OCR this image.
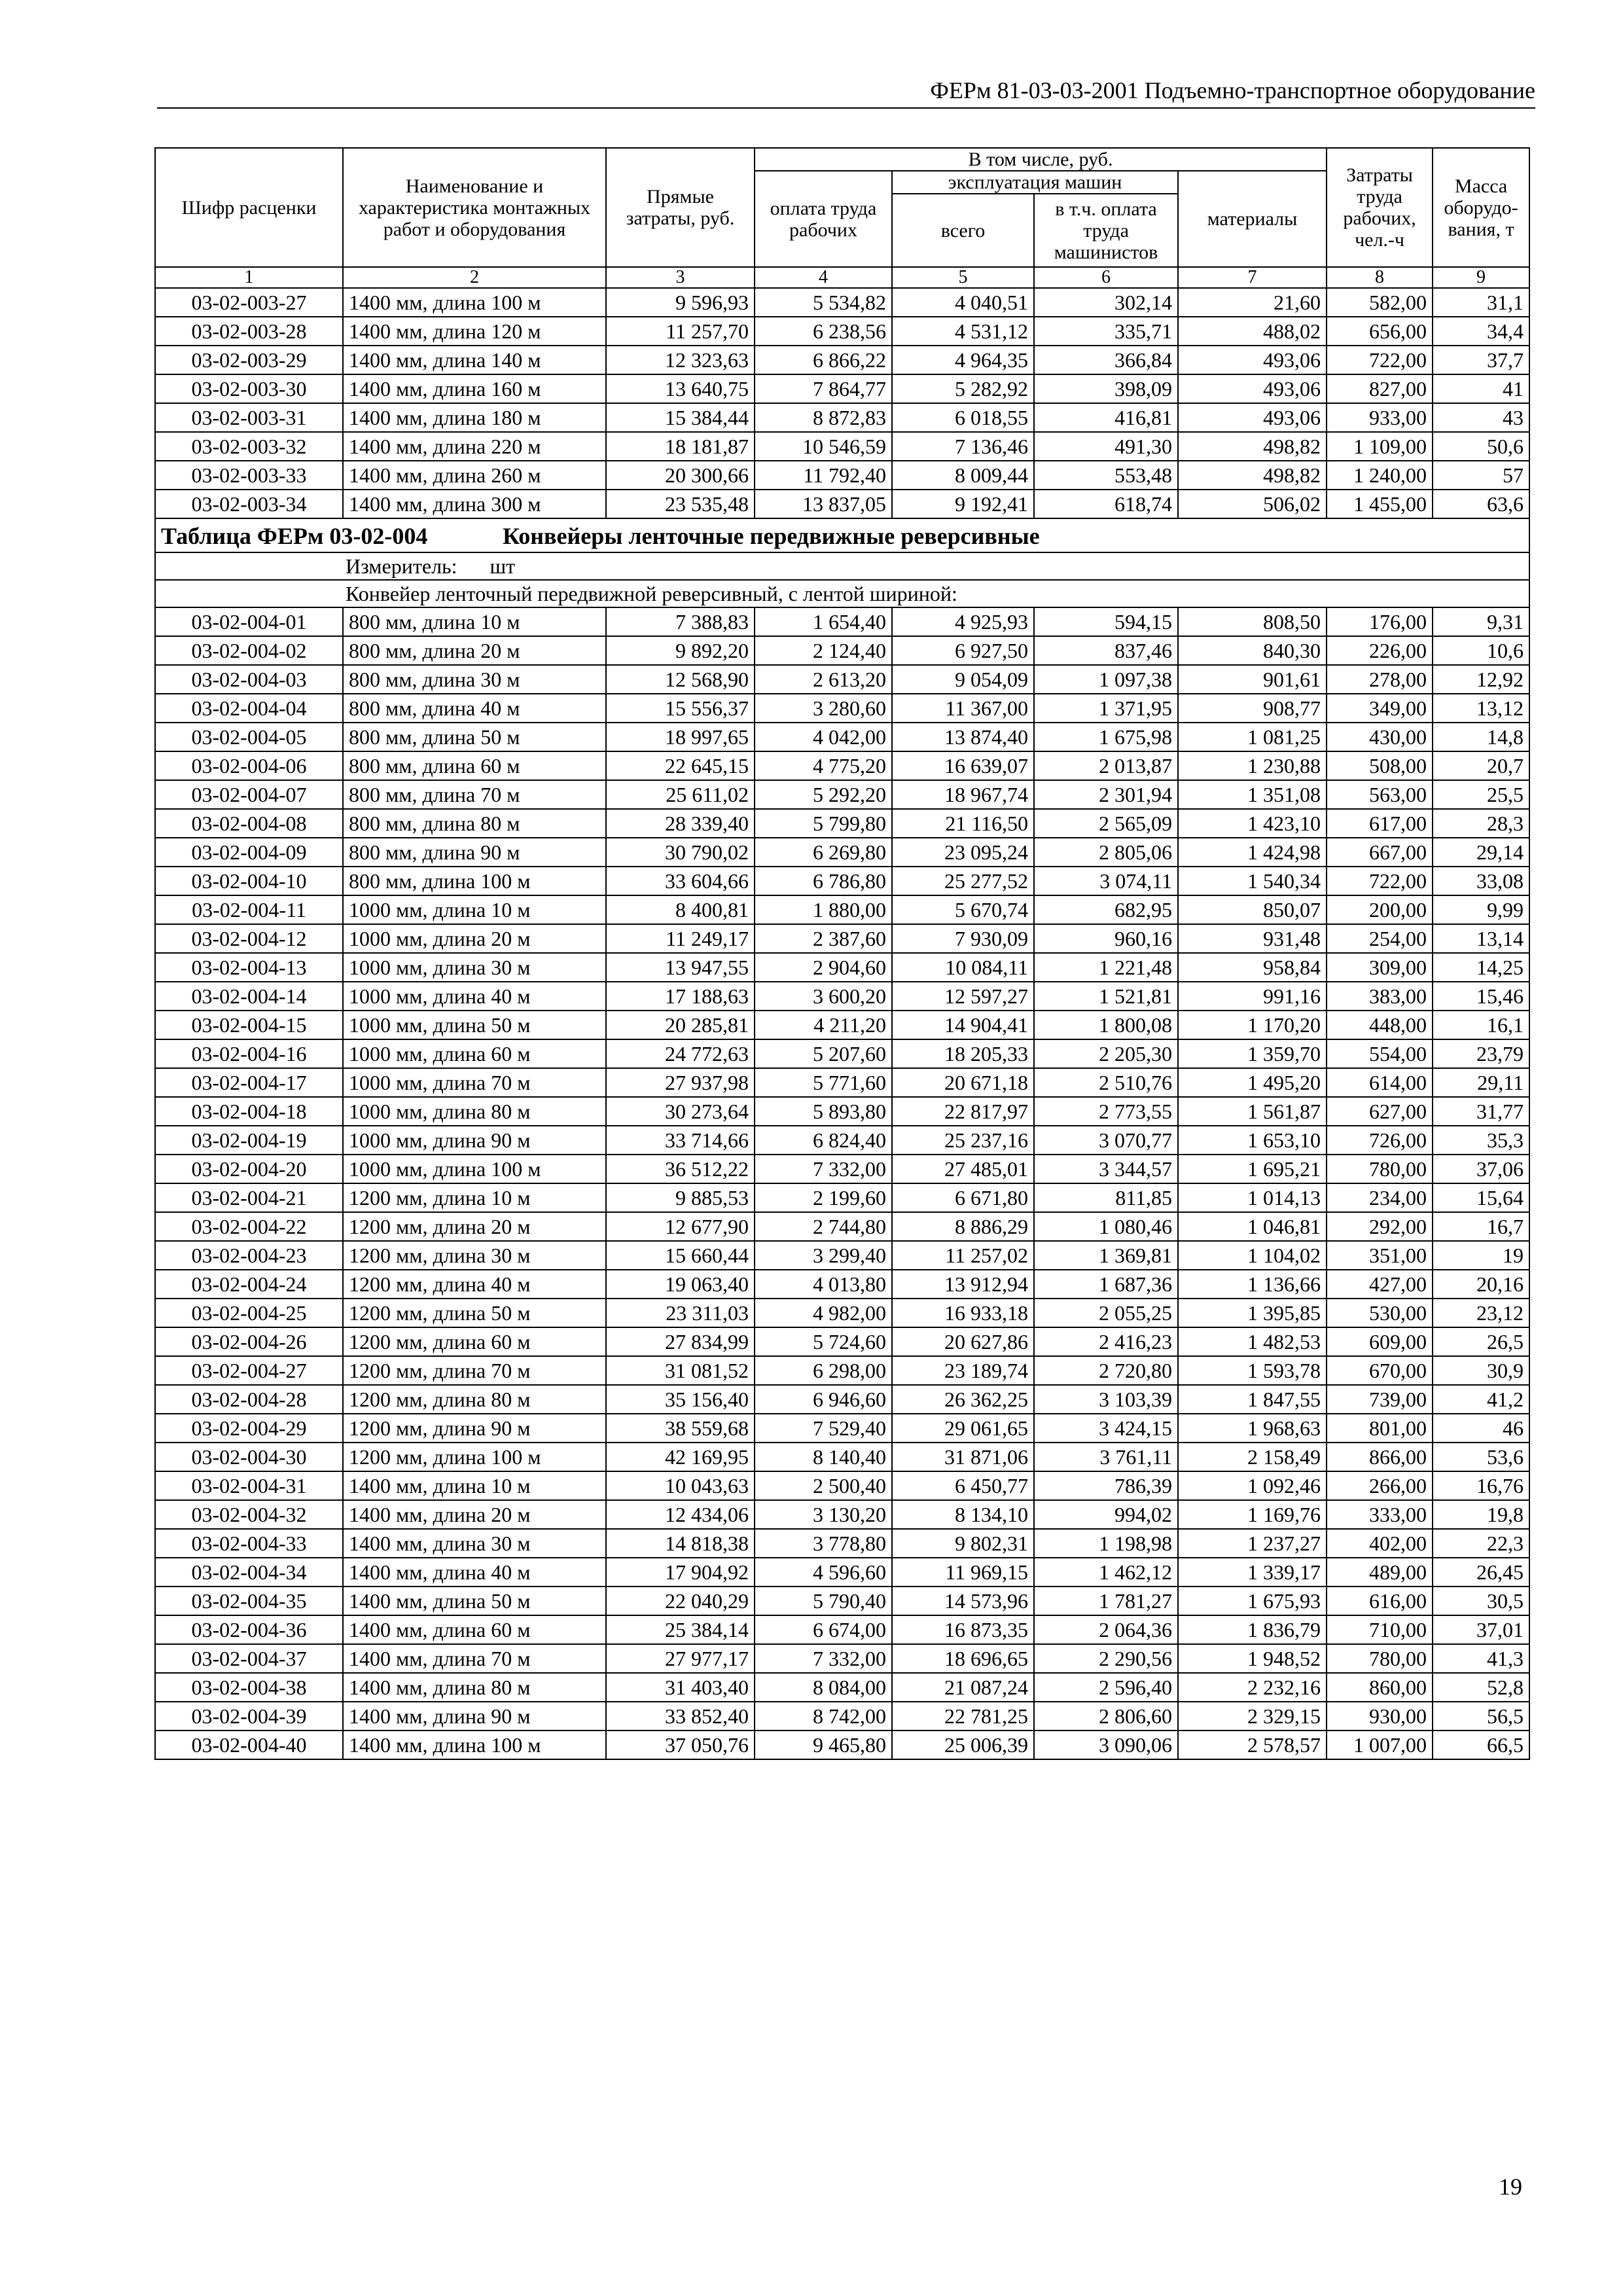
ФЕРм 81-03-03-2001 Подъемно-транспортное оборудование
Шифр расценки	Наименование и характеристика монтажных работ и оборудования	Прямые затраты, руб.	В том числе, руб.				Затраты труда рабочих, чел.-ч	Масса оборудо-вания, т
			оплата труда рабочих	эксплуатация машин		материалы		
				всего	в т.ч. оплата труда машинистов			
1	2	3	4	5	6	7	8	9
03-02-003-27	1400 мм, длина 100 м	9 596,93	5 534,82	4 040,51	302,14	21,60	582,00	31,1
03-02-003-28	1400 мм, длина 120 м	11 257,70	6 238,56	4 531,12	335,71	488,02	656,00	34,4
03-02-003-29	1400 мм, длина 140 м	12 323,63	6 866,22	4 964,35	366,84	493,06	722,00	37,7
03-02-003-30	1400 мм, длина 160 м	13 640,75	7 864,77	5 282,92	398,09	493,06	827,00	41
03-02-003-31	1400 мм, длина 180 м	15 384,44	8 872,83	6 018,55	416,81	493,06	933,00	43
03-02-003-32	1400 мм, длина 220 м	18 181,87	10 546,59	7 136,46	491,30	498,82	1 109,00	50,6
03-02-003-33	1400 мм, длина 260 м	20 300,66	11 792,40	8 009,44	553,48	498,82	1 240,00	57
03-02-003-34	1400 мм, длина 300 м	23 535,48	13 837,05	9 192,41	618,74	506,02	1 455,00	63,6
Таблица ФЕРм 03-02-004 Конвейеры ленточные передвижные реверсивные								
Измеритель: шт								
Конвейер ленточный передвижной реверсивный, с лентой шириной:								
03-02-004-01	800 мм, длина 10 м	7 388,83	1 654,40	4 925,93	594,15	808,50	176,00	9,31
03-02-004-02	800 мм, длина 20 м	9 892,20	2 124,40	6 927,50	837,46	840,30	226,00	10,6
03-02-004-03	800 мм, длина 30 м	12 568,90	2 613,20	9 054,09	1 097,38	901,61	278,00	12,92
03-02-004-04	800 мм, длина 40 м	15 556,37	3 280,60	11 367,00	1 371,95	908,77	349,00	13,12
03-02-004-05	800 мм, длина 50 м	18 997,65	4 042,00	13 874,40	1 675,98	1 081,25	430,00	14,8
03-02-004-06	800 мм, длина 60 м	22 645,15	4 775,20	16 639,07	2 013,87	1 230,88	508,00	20,7
03-02-004-07	800 мм, длина 70 м	25 611,02	5 292,20	18 967,74	2 301,94	1 351,08	563,00	25,5
03-02-004-08	800 мм, длина 80 м	28 339,40	5 799,80	21 116,50	2 565,09	1 423,10	617,00	28,3
03-02-004-09	800 мм, длина 90 м	30 790,02	6 269,80	23 095,24	2 805,06	1 424,98	667,00	29,14
03-02-004-10	800 мм, длина 100 м	33 604,66	6 786,80	25 277,52	3 074,11	1 540,34	722,00	33,08
03-02-004-11	1000 мм, длина 10 м	8 400,81	1 880,00	5 670,74	682,95	850,07	200,00	9,99
03-02-004-12	1000 мм, длина 20 м	11 249,17	2 387,60	7 930,09	960,16	931,48	254,00	13,14
03-02-004-13	1000 мм, длина 30 м	13 947,55	2 904,60	10 084,11	1 221,48	958,84	309,00	14,25
03-02-004-14	1000 мм, длина 40 м	17 188,63	3 600,20	12 597,27	1 521,81	991,16	383,00	15,46
03-02-004-15	1000 мм, длина 50 м	20 285,81	4 211,20	14 904,41	1 800,08	1 170,20	448,00	16,1
03-02-004-16	1000 мм, длина 60 м	24 772,63	5 207,60	18 205,33	2 205,30	1 359,70	554,00	23,79
03-02-004-17	1000 мм, длина 70 м	27 937,98	5 771,60	20 671,18	2 510,76	1 495,20	614,00	29,11
03-02-004-18	1000 мм, длина 80 м	30 273,64	5 893,80	22 817,97	2 773,55	1 561,87	627,00	31,77
03-02-004-19	1000 мм, длина 90 м	33 714,66	6 824,40	25 237,16	3 070,77	1 653,10	726,00	35,3
03-02-004-20	1000 мм, длина 100 м	36 512,22	7 332,00	27 485,01	3 344,57	1 695,21	780,00	37,06
03-02-004-21	1200 мм, длина 10 м	9 885,53	2 199,60	6 671,80	811,85	1 014,13	234,00	15,64
03-02-004-22	1200 мм, длина 20 м	12 677,90	2 744,80	8 886,29	1 080,46	1 046,81	292,00	16,7
03-02-004-23	1200 мм, длина 30 м	15 660,44	3 299,40	11 257,02	1 369,81	1 104,02	351,00	19
03-02-004-24	1200 мм, длина 40 м	19 063,40	4 013,80	13 912,94	1 687,36	1 136,66	427,00	20,16
03-02-004-25	1200 мм, длина 50 м	23 311,03	4 982,00	16 933,18	2 055,25	1 395,85	530,00	23,12
03-02-004-26	1200 мм, длина 60 м	27 834,99	5 724,60	20 627,86	2 416,23	1 482,53	609,00	26,5
03-02-004-27	1200 мм, длина 70 м	31 081,52	6 298,00	23 189,74	2 720,80	1 593,78	670,00	30,9
03-02-004-28	1200 мм, длина 80 м	35 156,40	6 946,60	26 362,25	3 103,39	1 847,55	739,00	41,2
03-02-004-29	1200 мм, длина 90 м	38 559,68	7 529,40	29 061,65	3 424,15	1 968,63	801,00	46
03-02-004-30	1200 мм, длина 100 м	42 169,95	8 140,40	31 871,06	3 761,11	2 158,49	866,00	53,6
03-02-004-31	1400 мм, длина 10 м	10 043,63	2 500,40	6 450,77	786,39	1 092,46	266,00	16,76
03-02-004-32	1400 мм, длина 20 м	12 434,06	3 130,20	8 134,10	994,02	1 169,76	333,00	19,8
03-02-004-33	1400 мм, длина 30 м	14 818,38	3 778,80	9 802,31	1 198,98	1 237,27	402,00	22,3
03-02-004-34	1400 мм, длина 40 м	17 904,92	4 596,60	11 969,15	1 462,12	1 339,17	489,00	26,45
03-02-004-35	1400 мм, длина 50 м	22 040,29	5 790,40	14 573,96	1 781,27	1 675,93	616,00	30,5
03-02-004-36	1400 мм, длина 60 м	25 384,14	6 674,00	16 873,35	2 064,36	1 836,79	710,00	37,01
03-02-004-37	1400 мм, длина 70 м	27 977,17	7 332,00	18 696,65	2 290,56	1 948,52	780,00	41,3
03-02-004-38	1400 мм, длина 80 м	31 403,40	8 084,00	21 087,24	2 596,40	2 232,16	860,00	52,8
03-02-004-39	1400 мм, длина 90 м	33 852,40	8 742,00	22 781,25	2 806,60	2 329,15	930,00	56,5
03-02-004-40	1400 мм, длина 100 м	37 050,76	9 465,80	25 006,39	3 090,06	2 578,57	1 007,00	66,5
19
